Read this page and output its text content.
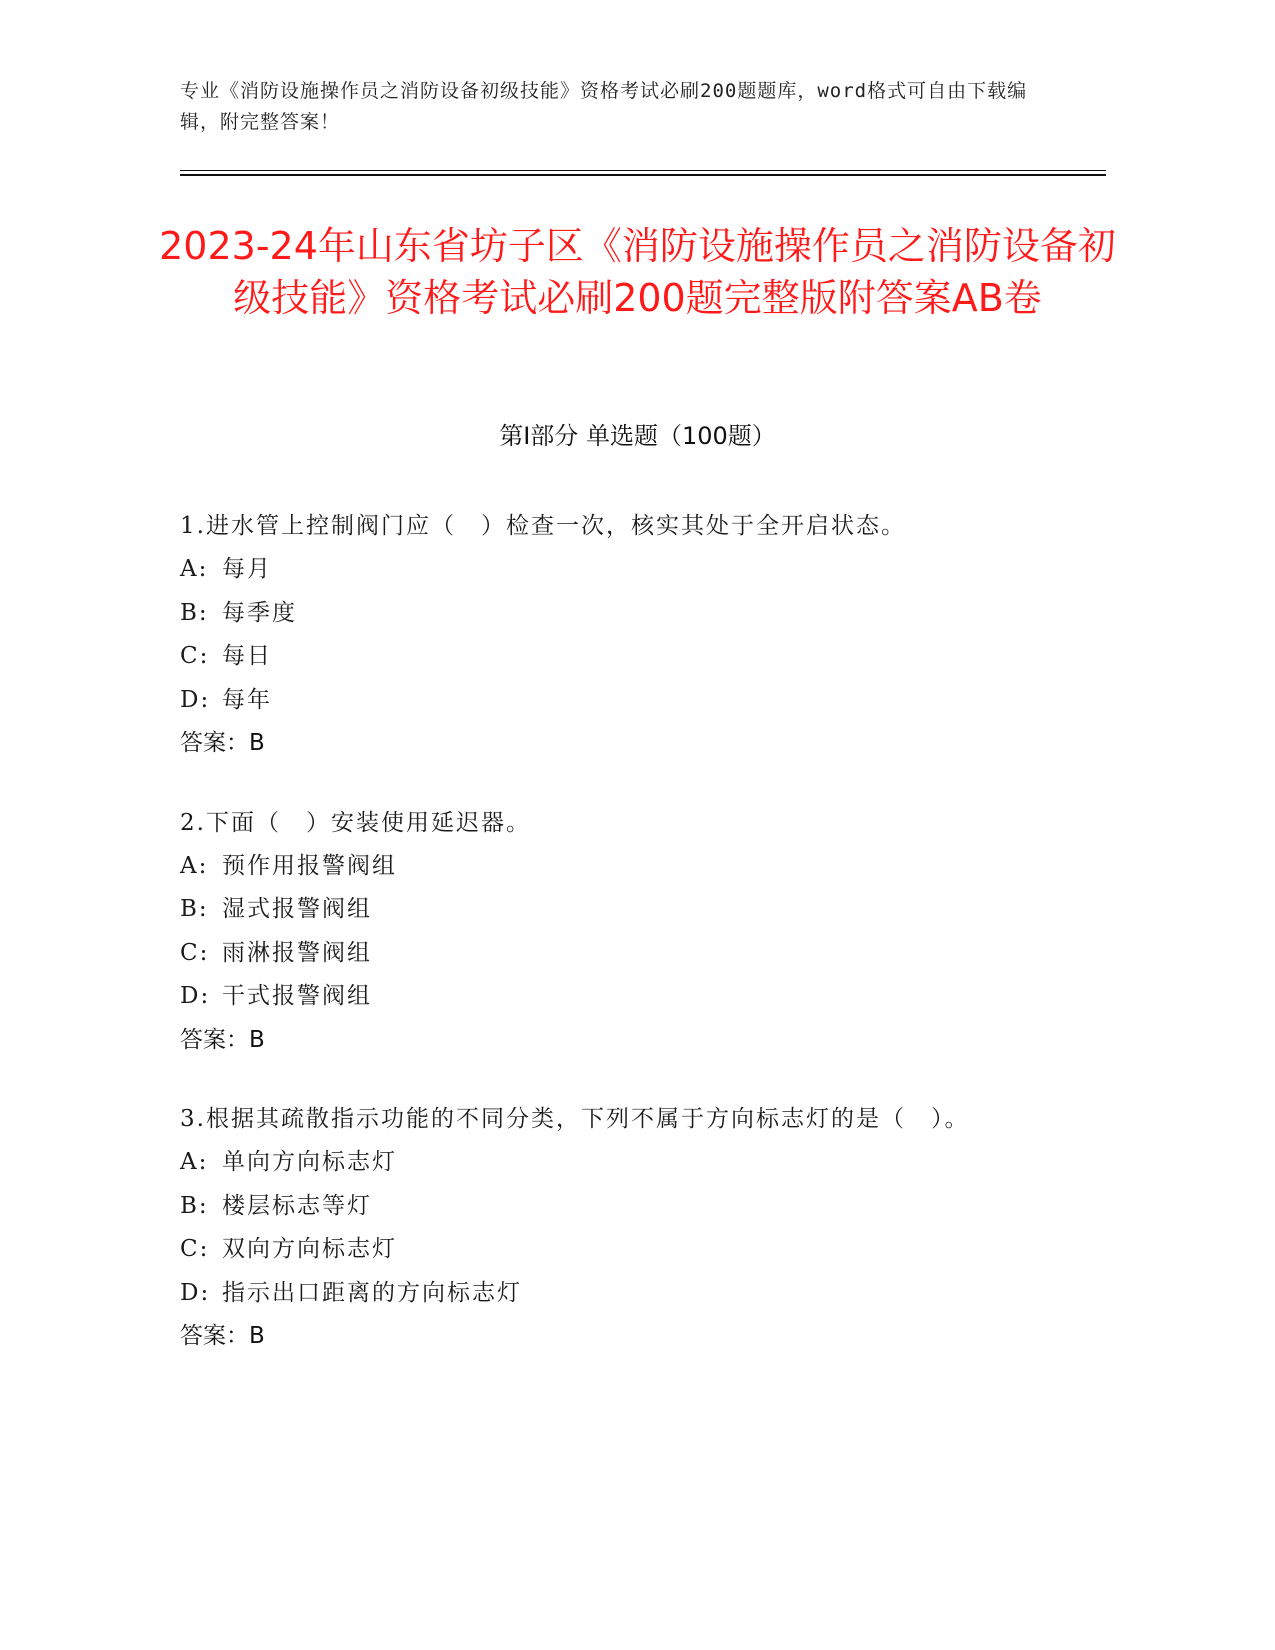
专业《消防设施操作员之消防设备初级技能》资格考试必刷200题题库，word格式可自由下载编辑，附完整答案！
2023-24年山东省坊子区《消防设施操作员之消防设备初级技能》资格考试必刷200题完整版附答案AB卷
第I部分 单选题（100题）
1.进水管上控制阀门应（　）检查一次，核实其处于全开启状态。
A: 每月
B: 每季度
C: 每日
D: 每年
答案：B
2.下面（　）安装使用延迟器。
A: 预作用报警阀组
B: 湿式报警阀组
C: 雨淋报警阀组
D: 干式报警阀组
答案：B
3.根据其疏散指示功能的不同分类，下列不属于方向标志灯的是（　）。
A: 单向方向标志灯
B: 楼层标志等灯
C: 双向方向标志灯
D: 指示出口距离的方向标志灯
答案：B
